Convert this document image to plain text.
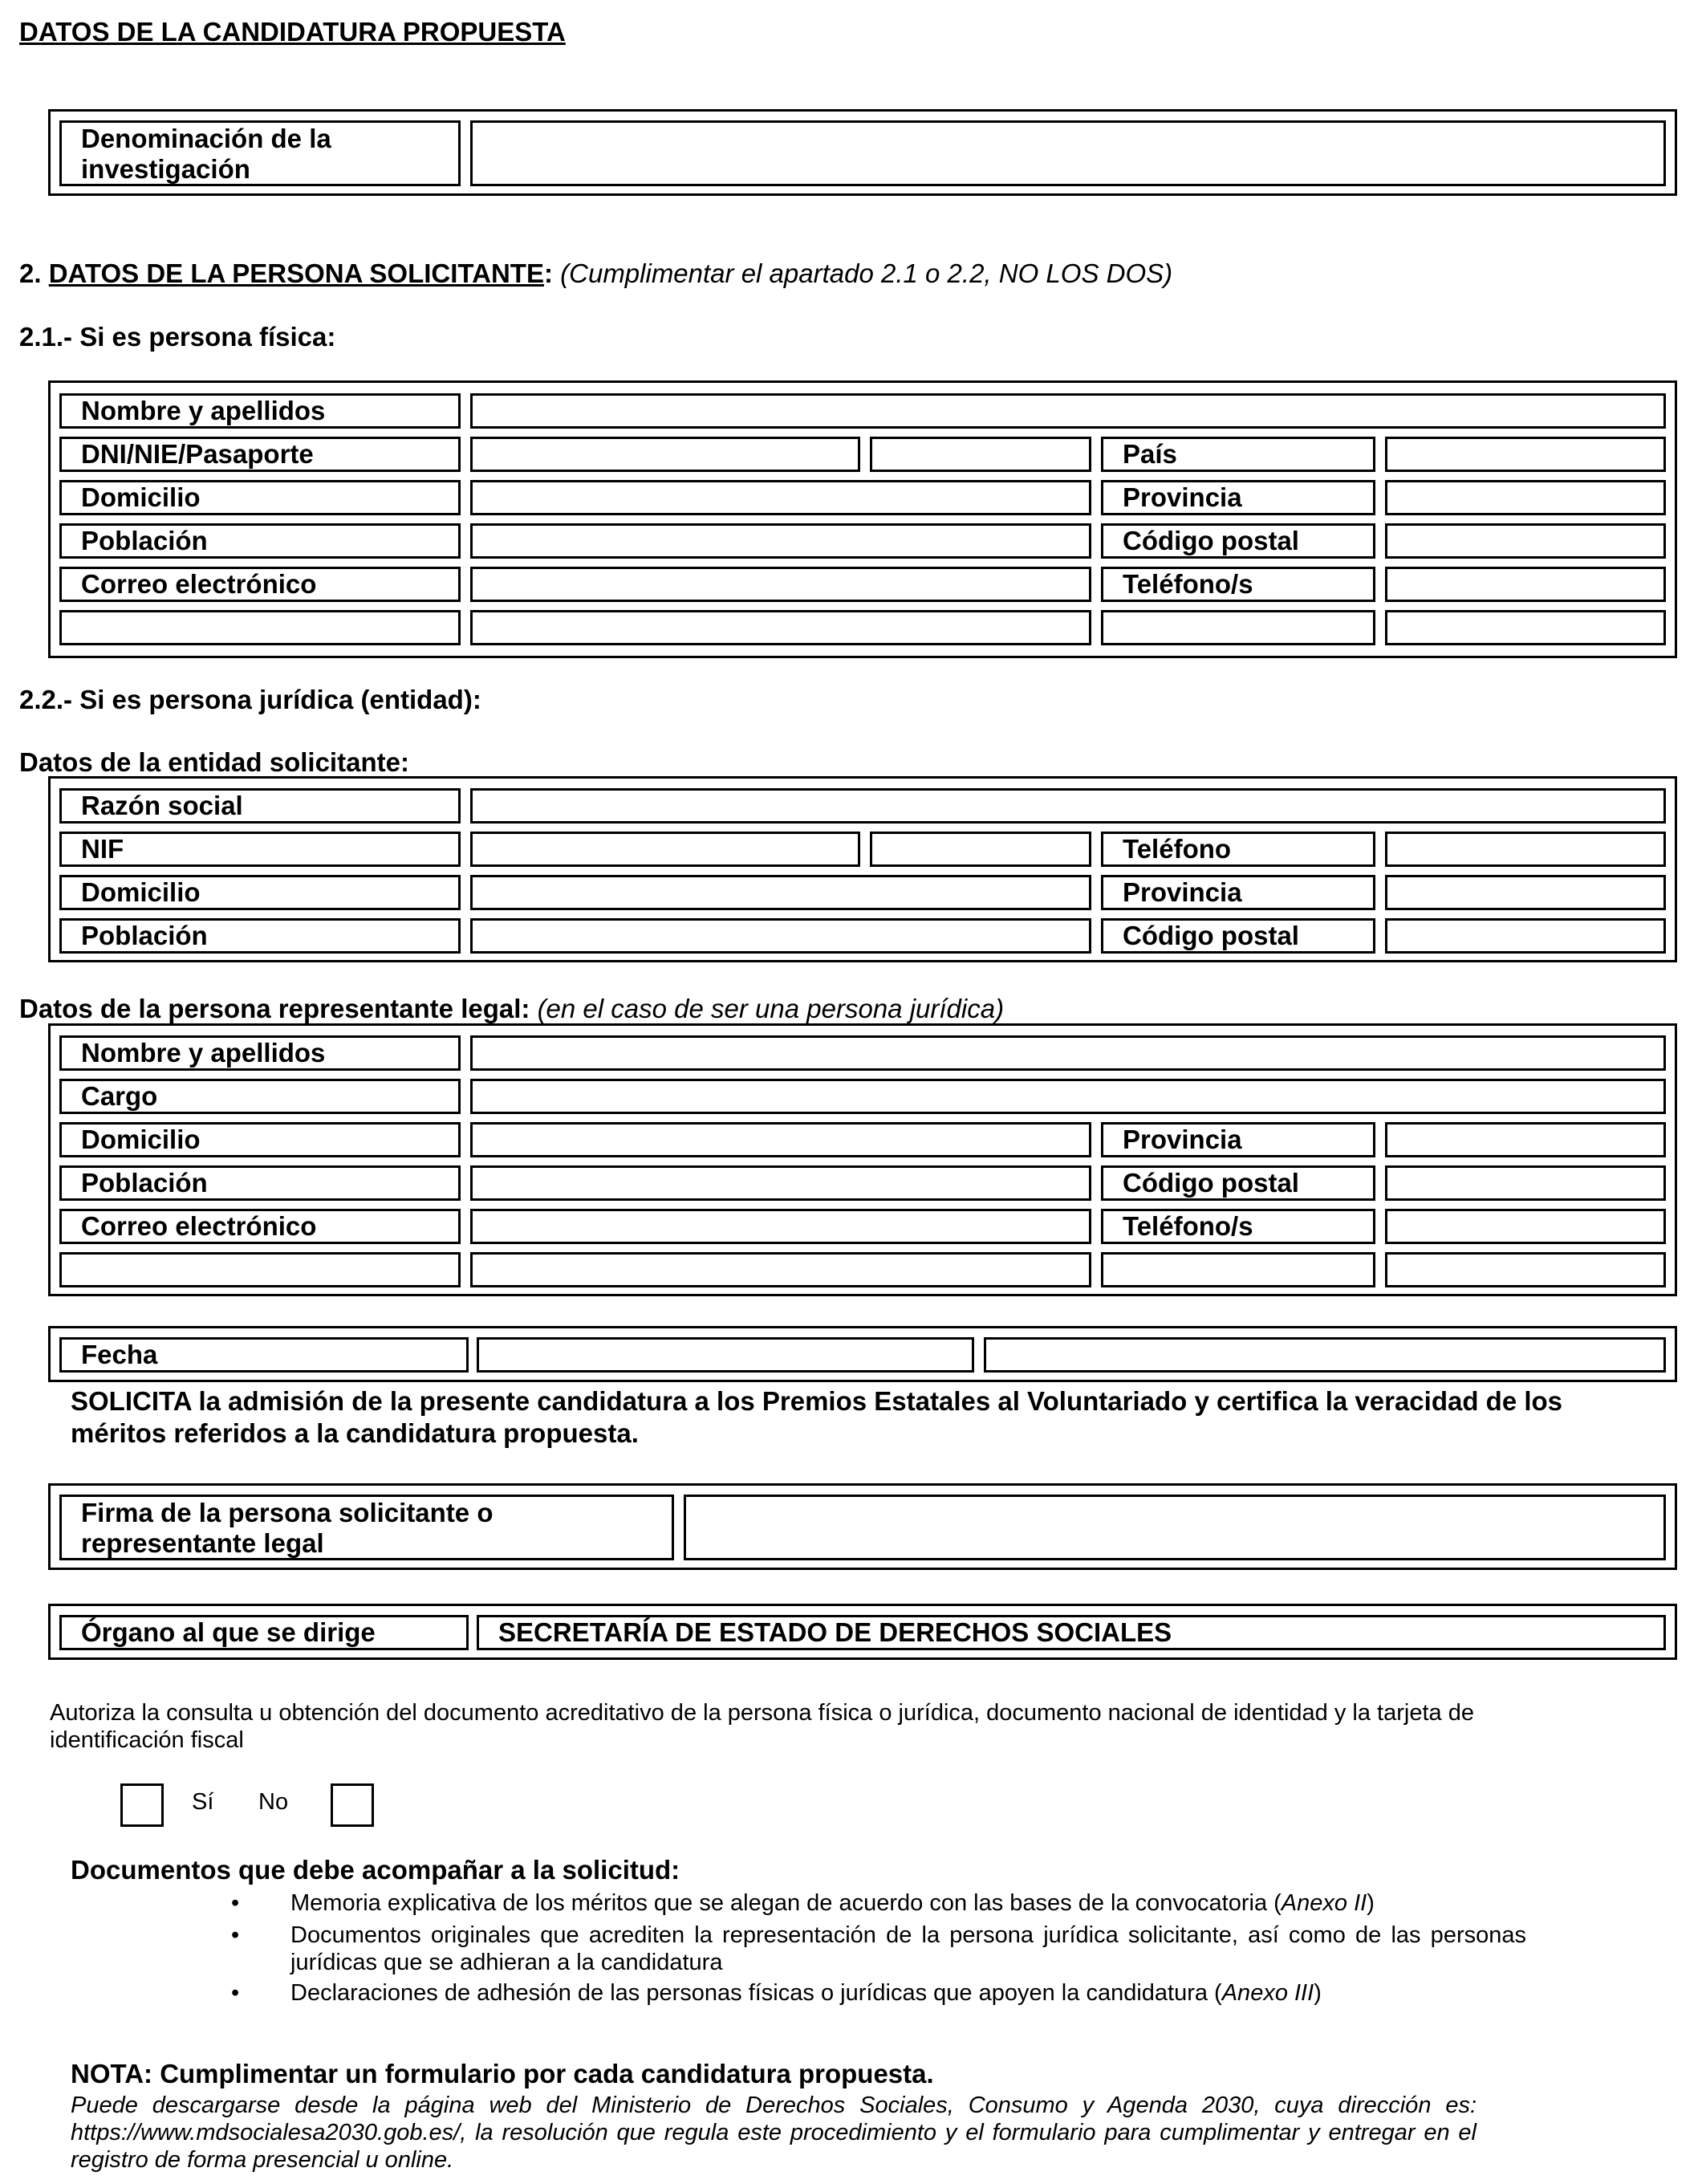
DATOS DE LA CANDIDATURA PROPUESTA
Denominación de la investigación
2. DATOS DE LA PERSONA SOLICITANTE: (Cumplimentar el apartado 2.1 o 2.2, NO LOS DOS)
2.1.- Si es persona física:
Nombre y apellidos
DNI/NIE/Pasaporte	País
Domicilio	Provincia
Población	Código postal
Correo electrónico	Teléfono/s
2.2.- Si es persona jurídica (entidad):
Datos de la entidad solicitante:
Razón social
NIF	Teléfono
Domicilio	Provincia
Población	Código postal
Datos de la persona representante legal: (en el caso de ser una persona jurídica)
Nombre y apellidos
Cargo
Domicilio	Provincia
Población	Código postal
Correo electrónico	Teléfono/s
Fecha
SOLICITA la admisión de la presente candidatura a los Premios Estatales al Voluntariado y certifica la veracidad de los méritos referidos a la candidatura propuesta.
Firma de la persona solicitante o representante legal
Órgano al que se dirige	SECRETARÍA DE ESTADO DE DERECHOS SOCIALES
Autoriza la consulta u obtención del documento acreditativo de la persona física o jurídica, documento nacional de identidad y la tarjeta de identificación fiscal
Sí No
Documentos que debe acompañar a la solicitud:
• Memoria explicativa de los méritos que se alegan de acuerdo con las bases de la convocatoria (Anexo II)
• Documentos originales que acrediten la representación de la persona jurídica solicitante, así como de las personas jurídicas que se adhieran a la candidatura
• Declaraciones de adhesión de las personas físicas o jurídicas que apoyen la candidatura (Anexo III)
NOTA: Cumplimentar un formulario por cada candidatura propuesta.
Puede descargarse desde la página web del Ministerio de Derechos Sociales, Consumo y Agenda 2030, cuya dirección es: https://www.mdsocialesa2030.gob.es/, la resolución que regula este procedimiento y el formulario para cumplimentar y entregar en el registro de forma presencial u online.
